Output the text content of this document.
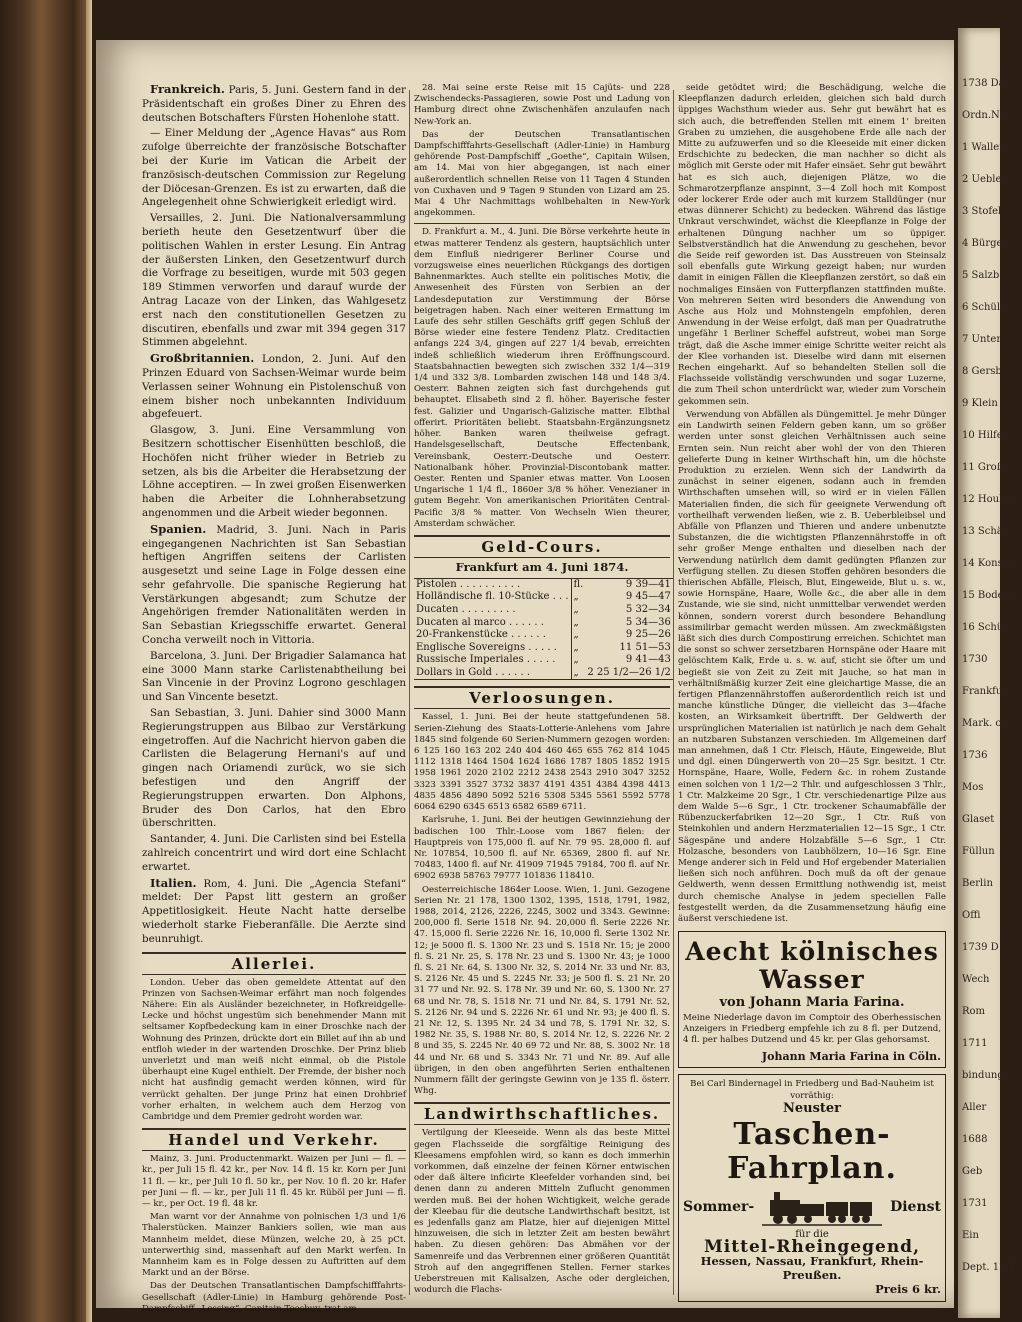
Frankreich. Paris, 5. Juni. Gestern fand in der Präsidentschaft ein großes Diner zu Ehren des deutschen Botschafters Fürsten Hohenlohe statt.

— Einer Meldung der „Agence Havas“ aus Rom zufolge überreichte der französische Botschafter bei der Kurie im Vatican die Arbeit der französisch-deutschen Commission zur Regelung der Diöcesan-Grenzen. Es ist zu erwarten, daß die Angelegenheit ohne Schwierigkeit erledigt wird.

Versailles, 2. Juni. Die Nationalversammlung berieth heute den Gesetzentwurf über die politischen Wahlen in erster Lesung. Ein Antrag der äußersten Linken, den Gesetzentwurf durch die Vorfrage zu beseitigen, wurde mit 503 gegen 189 Stimmen verworfen und darauf wurde der Antrag Lacaze von der Linken, das Wahlgesetz erst nach den constitutionellen Gesetzen zu discutiren, ebenfalls und zwar mit 394 gegen 317 Stimmen abgelehnt.

Großbritannien. London, 2. Juni. Auf den Prinzen Eduard von Sachsen-Weimar wurde beim Verlassen seiner Wohnung ein Pistolenschuß von einem bisher noch unbekannten Individuum abgefeuert.

Glasgow, 3. Juni. Eine Versammlung von Besitzern schottischer Eisenhütten beschloß, die Hochöfen nicht früher wieder in Betrieb zu setzen, als bis die Arbeiter die Herabsetzung der Löhne acceptiren. — In zwei großen Eisenwerken haben die Arbeiter die Lohnherabsetzung angenommen und die Arbeit wieder begonnen.

Spanien. Madrid, 3. Juni. Nach in Paris eingegangenen Nachrichten ist San Sebastian heftigen Angriffen seitens der Carlisten ausgesetzt und seine Lage in Folge dessen eine sehr gefahrvolle. Die spanische Regierung hat Verstärkungen abgesandt; zum Schutze der Angehörigen fremder Nationalitäten werden in San Sebastian Kriegsschiffe erwartet. General Concha verweilt noch in Vittoria.

Barcelona, 3. Juni. Der Brigadier Salamanca hat eine 3000 Mann starke Carlistenabtheilung bei San Vincenie in der Provinz Logrono geschlagen und San Vincente besetzt.

San Sebastian, 3. Juni. Dahier sind 3000 Mann Regierungstruppen aus Bilbao zur Verstärkung eingetroffen. Auf die Nachricht hiervon gaben die Carlisten die Belagerung Hernani's auf und gingen nach Oriamendi zurück, wo sie sich befestigen und den Angriff der Regierungstruppen erwarten. Don Alphons, Bruder des Don Carlos, hat den Ebro überschritten.

Santander, 4. Juni. Die Carlisten sind bei Estella zahlreich concentrirt und wird dort eine Schlacht erwartet.

Italien. Rom, 4. Juni. Die „Agencia Stefani“ meldet: Der Papst litt gestern an großer Appetitlosigkeit. Heute Nacht hatte derselbe wiederholt starke Fieberanfälle. Die Aerzte sind beunruhigt.

Allerlei.

London. Ueber das oben gemeldete Attentat auf den Prinzen von Sachsen-Weimar erfährt man noch folgendes Nähere: Ein als Ausländer bezeichneter, in Hofkreidgelle-Lecke und höchst ungestüm sich benehmender Mann mit seltsamer Kopfbedeckung kam in einer Droschke nach der Wohnung des Prinzen, drückte dort ein Billet auf ihn ab und entfloh wieder in der wartenden Droschke. Der Prinz blieb unverletzt und man weiß nicht einmal, ob die Pistole überhaupt eine Kugel enthielt. Der Fremde, der bisher noch nicht hat ausfindig gemacht werden können, wird für verrückt gehalten. Der junge Prinz hat einen Drohbrief vorher erhalten, in welchem auch dem Herzog von Cambridge und dem Premier gedroht worden war.

Handel und Verkehr.

Mainz, 3. Juni. Productenmarkt. Waizen per Juni — fl. — kr., per Juli 15 fl. 42 kr., per Nov. 14 fl. 15 kr. Korn per Juni 11 fl. — kr., per Juli 10 fl. 50 kr., per Nov. 10 fl. 20 kr. Hafer per Juni — fl. — kr., per Juli 11 fl. 45 kr. Rüböl per Juni — fl. — kr., per Oct. 19 fl. 48 kr.

Man warnt vor der Annahme von polnischen 1/3 und 1/6 Thalerstücken. Mainzer Bankiers sollen, wie man aus Mannheim meldet, diese Münzen, welche 20, à 25 pCt. unterwerthig sind, massenhaft auf den Markt werfen. In Mannheim kam es in Folge dessen zu Auftritten auf dem Markt und an der Börse.

Das der Deutschen Transatlantischen Dampfschifffahrts-Gesellschaft (Adler-Linie) in Hamburg gehörende Post-Dampfschiff „Lessing“, Capitain Toosbuy, trat am

28. Mai seine erste Reise mit 15 Cajüts- und 228 Zwischendecks-Passagieren, sowie Post und Ladung von Hamburg direct ohne Zwischenhäfen anzulaufen nach New-York an.

Das der Deutschen Transatlantischen Dampfschifffahrts-Gesellschaft (Adler-Linie) in Hamburg gehörende Post-Dampfschiff „Goethe“, Capitain Wilsen, am 14. Mai von hier abgegangen, ist nach einer außerordentlich schnellen Reise von 11 Tagen 4 Stunden von Cuxhaven und 9 Tagen 9 Stunden von Lizard am 25. Mai 4 Uhr Nachmittags wohlbehalten in New-York angekommen.

D. Frankfurt a. M., 4. Juni. Die Börse verkehrte heute in etwas matterer Tendenz als gestern, hauptsächlich unter dem Einfluß niedrigerer Berliner Course und vorzugsweise eines neuerlichen Rückgangs des dortigen Bahnenmarktes. Auch stellte ein politisches Motiv, die Anwesenheit des Fürsten von Serbien an der Landesdeputation zur Verstimmung der Börse beigetragen haben. Nach einer weiteren Ermattung im Laufe des sehr stillen Geschäfts griff gegen Schluß der Börse wieder eine festere Tendenz Platz. Creditactien anfangs 224 3/4, gingen auf 227 1/4 bevab, erreichten indeß schließlich wiederum ihren Eröffnungscourd. Staatsbahnactien bewegten sich zwischen 332 1/4—319 1/4 und 332 3/8. Lombarden zwischen 148 und 148 3/4. Oesterr. Bahnen zeigten sich fast durchgehends gut behauptet. Elisabeth sind 2 fl. höher. Bayerische fester fest. Galizier und Ungarisch-Galizische matter. Elbthal offerirt. Prioritäten beliebt. Staatsbahn-Ergänzungsnetz höher. Banken waren theilweise gefragt. Handelsgesellschaft, Deutsche Effectenbank, Vereinsbank, Oesterr.-Deutsche und Oesterr. Nationalbank höher. Provinzial-Discontobank matter. Oester. Renten und Spanier etwas matter. Von Loosen Ungarische 1 1/4 fl., 1860er 3/8 % höher. Venezianer in gutem Begehr. Von amerikanischen Prioritäten Central-Pacific 3/8 % matter. Von Wechseln Wien theurer, Amsterdam schwächer.

Geld-Cours.

Frankfurt am 4. Juni 1874.

Pistolen . . . . . . . . . .	fl.	9 39—41
Holländische fl. 10-Stücke . . .	„	9 45—47
Ducaten . . . . . . . . .	„	5 32—34
Ducaten al marco . . . . . .	„	5 34—36
20-Frankenstücke . . . . . .	„	9 25—26
Englische Sovereigns . . . . .	„	11 51—53
Russische Imperiales . . . . .	„	9 41—43
Dollars in Gold . . . . . .	„	2 25 1/2—26 1/2
Verloosungen.

Kassel, 1. Juni. Bei der heute stattgefundenen 58. Serien-Ziehung des Staats-Lotterie-Anlehens vom Jahre 1845 sind folgende 60 Serien-Nummern gezogen worden: 6 125 160 163 202 240 404 460 465 655 762 814 1045 1112 1318 1464 1504 1624 1686 1787 1805 1852 1915 1958 1961 2020 2102 2212 2438 2543 2910 3047 3252 3323 3391 3527 3732 3837 4191 4351 4384 4398 4413 4835 4856 4890 5092 5216 5308 5345 5561 5592 5778 6064 6290 6345 6513 6582 6589 6711.

Karlsruhe, 1. Juni. Bei der heutigen Gewinnziehung der badischen 100 Thlr.-Loose vom 1867 fielen: der Hauptpreis von 175,000 fl. auf Nr. 79 95. 28,000 fl. auf Nr. 107854, 10,500 fl. auf Nr. 65369, 2800 fl. auf Nr. 70483, 1400 fl. auf Nr. 41909 71945 79184, 700 fl. auf Nr. 6902 6938 58763 79777 101836 118410.

Oesterreichische 1864er Loose. Wien, 1. Juni. Gezogene Serien Nr. 21 178, 1300 1302, 1395, 1518, 1791, 1982, 1988, 2014, 2126, 2226, 2245, 3002 und 3343. Gewinne: 200,000 fl. Serie 1518 Nr. 94. 20,000 fl. Serie 2226 Nr. 47. 15,000 fl. Serie 2226 Nr. 16, 10,000 fl. Serie 1302 Nr. 12; je 5000 fl. S. 1300 Nr. 23 und S. 1518 Nr. 15; je 2000 fl. S. 21 Nr. 25, S. 178 Nr. 23 und S. 1300 Nr. 43; je 1000 fl. S. 21 Nr. 64, S. 1300 Nr. 32, S. 2014 Nr. 33 und Nr. 83, S. 2126 Nr. 45 und S. 2245 Nr. 33; je 500 fl. S. 21 Nr. 20 31 77 und Nr. 92. S. 178 Nr. 39 und Nr. 60, S. 1300 Nr. 27 68 und Nr. 78, S. 1518 Nr. 71 und Nr. 84, S. 1791 Nr. 52, S. 2126 Nr. 94 und S. 2226 Nr. 61 und Nr. 93; je 400 fl. S. 21 Nr. 12, S. 1395 Nr. 24 34 und 78, S. 1791 Nr. 32, S. 1982 Nr. 35, S. 1988 Nr. 80, S. 2014 Nr. 12, S. 2226 Nr. 2 8 und 35, S. 2245 Nr. 40 69 72 und Nr. 88, S. 3002 Nr. 18 44 und Nr. 68 und S. 3343 Nr. 71 und Nr. 89. Auf alle übrigen, in den oben angeführten Serien enthaltenen Nummern fällt der geringste Gewinn von je 135 fl. österr. Whg.

Landwirthschaftliches.

Vertilgung der Kleeseide. Wenn als das beste Mittel gegen Flachsseide die sorgfältige Reinigung des Kleesamens empfohlen wird, so kann es doch immerhin vorkommen, daß einzelne der feinen Körner entwischen oder daß ältere inficirte Kleefelder vorhanden sind, bei denen dann zu anderen Mitteln Zuflucht genommen werden muß. Bei der hohen Wichtigkeit, welche gerade der Kleebau für die deutsche Landwirthschaft besitzt, ist es jedenfalls ganz am Platze, hier auf diejenigen Mittel hinzuweisen, die sich in letzter Zeit am besten bewährt haben. Zu diesen gehören: Das Abmähen vor der Samenreife und das Verbrennen einer größeren Quantität Stroh auf den angegriffenen Stellen. Ferner starkes Ueberstreuen mit Kalisalzen, Asche oder dergleichen, wodurch die Flachs-

seide getödtet wird; die Beschädigung, welche die Kleepflanzen dadurch erleiden, gleichen sich bald durch üppiges Wachsthum wieder aus. Sehr gut bewährt hat es sich auch, die betreffenden Stellen mit einem 1' breiten Graben zu umziehen, die ausgehobene Erde alle nach der Mitte zu aufzuwerfen und so die Kleeseide mit einer dicken Erdschichte zu bedecken, die man nachher so dicht als möglich mit Gerste oder mit Hafer einsäet. Sehr gut bewährt hat es sich auch, diejenigen Plätze, wo die Schmarotzerpflanze anspinnt, 3—4 Zoll hoch mit Kompost oder lockerer Erde oder auch mit kurzem Stalldünger (nur etwas dünnerer Schicht) zu bedecken. Während das lästige Unkraut verschwindet, wächst die Kleepflanze in Folge der erhaltenen Düngung nachher um so üppiger. Selbstverständlich hat die Anwendung zu geschehen, bevor die Seide reif geworden ist. Das Ausstreuen von Steinsalz soll ebenfalls gute Wirkung gezeigt haben; nur wurden damit in einigen Fällen die Kleepflanzen zerstört, so daß ein nochmaliges Einsäen von Futterpflanzen stattfinden mußte. Von mehreren Seiten wird besonders die Anwendung von Asche aus Holz und Mohnstengeln empfohlen, deren Anwendung in der Weise erfolgt, daß man per Quadratruthe ungefähr 1 Berliner Scheffel aufstreut, wobei man Sorge trägt, daß die Asche immer einige Schritte weiter reicht als der Klee vorhanden ist. Dieselbe wird dann mit eisernen Rechen eingeharkt. Auf so behandelten Stellen soll die Flachsseide vollständig verschwunden und sogar Luzerne, die zum Theil schon unterdrückt war, wieder zum Vorschein gekommen sein.

Verwendung von Abfällen als Düngemittel. Je mehr Dünger ein Landwirth seinen Feldern geben kann, um so größer werden unter sonst gleichen Verhältnissen auch seine Ernten sein. Nun reicht aber wohl der von den Thieren gelieferte Dung in keiner Wirthschaft hin, um die höchste Produktion zu erzielen. Wenn sich der Landwirth da zunächst in seiner eigenen, sodann auch in fremden Wirthschaften umsehen will, so wird er in vielen Fällen Materialien finden, die sich für geeignete Verwendung oft vortheilhaft verwenden ließen, wie z. B. Ueberbleibsel und Abfälle von Pflanzen und Thieren und andere unbenutzte Substanzen, die die wichtigsten Pflanzennährstoffe in oft sehr großer Menge enthalten und dieselben nach der Verwendung natürlich dem damit gedüngten Pflanzen zur Verfügung stellen. Zu diesen Stoffen gehören besonders die thierischen Abfälle, Fleisch, Blut, Eingeweide, Blut u. s. w., sowie Hornspäne, Haare, Wolle &c., die aber alle in dem Zustande, wie sie sind, nicht unmittelbar verwendet werden können, sondern vorerst durch besondere Behandlung assimilirbar gemacht werden müssen. Am zweckmäßigsten läßt sich dies durch Compostirung erreichen. Schichtet man die sonst so schwer zersetzbaren Hornspäne oder Haare mit gelöschtem Kalk, Erde u. s. w. auf, sticht sie öfter um und begießt sie von Zeit zu Zeit mit Jauche, so hat man in verhältnißmäßig kurzer Zeit eine gleichartige Masse, die an fertigen Pflanzennährstoffen außerordentlich reich ist und manche künstliche Dünger, die vielleicht das 3—4fache kosten, an Wirksamkeit übertrifft. Der Geldwerth der ursprünglichen Materialien ist natürlich je nach dem Gehalt an nutzbaren Substanzen verschieden. Im Allgemeinen darf man annehmen, daß 1 Ctr. Fleisch, Häute, Eingeweide, Blut und dgl. einen Düngerwerth von 20—25 Sgr. besitzt. 1 Ctr. Hornspäne, Haare, Wolle, Federn &c. in rohem Zustande einen solchen von 1 1/2—2 Thlr. und aufgeschlossen 3 Thlr., 1 Ctr. Malzkeime 20 Sgr., 1 Ctr. verschiedenartige Pilze aus dem Walde 5—6 Sgr., 1 Ctr. trockener Schaumabfälle der Rübenzuckerfabriken 12—20 Sgr., 1 Ctr. Ruß von Steinkohlen und andern Herzmaterialien 12—15 Sgr., 1 Ctr. Sägespäne und andere Holzabfälle 5—6 Sgr., 1 Ctr. Holzasche, besonders von Laubhölzern, 10—16 Sgr. Eine Menge anderer sich in Feld und Hof ergebender Materialien ließen sich noch anführen. Doch muß da oft der genaue Geldwerth, wenn dessen Ermittlung nothwendig ist, meist durch chemische Analyse in jedem speciellen Falle festgestellt werden, da die Zusammensetzung häufig eine äußerst verschiedene ist.

Aecht kölnisches Wasser
von Johann Maria Farina.

Meine Niederlage davon im Comptoir des Oberhessischen Anzeigers in Friedberg empfehle ich zu 8 fl. per Dutzend, 4 fl. per halbes Dutzend und 45 kr. per Glas gehorsamst.

Johann Maria Farina in Cöln.

Bei Carl Bindernagel in Friedberg und Bad-Nauheim ist vorräthig:

Neuster
Taschen-Fahrplan.
Sommer-	Dienst
für die
Mittel-Rheingegend,
Hessen, Nassau, Frankfurt, Rhein-Preußen.
Preis 6 kr.
1738 Das
Ordn.Nr.
1 Wallern
2 Uebleg
3 Stofel
4 Bürger
5 Salzb
6 Schüll
7 Unter-
8 Gersb
9 Klein
10 Hilfes
11 Groß
12 Houbit
13 Schäl
14 Konsta
15 Boden
16 Schüll
1730
Frankfur
Mark. ch
1736
Mos
Glaset
Füllun
Berlin
Offi
1739 D
Wech
Rom
1711
bindung
Aller
1688
Geb
1731
Ein
Dept. 12/Vl.
